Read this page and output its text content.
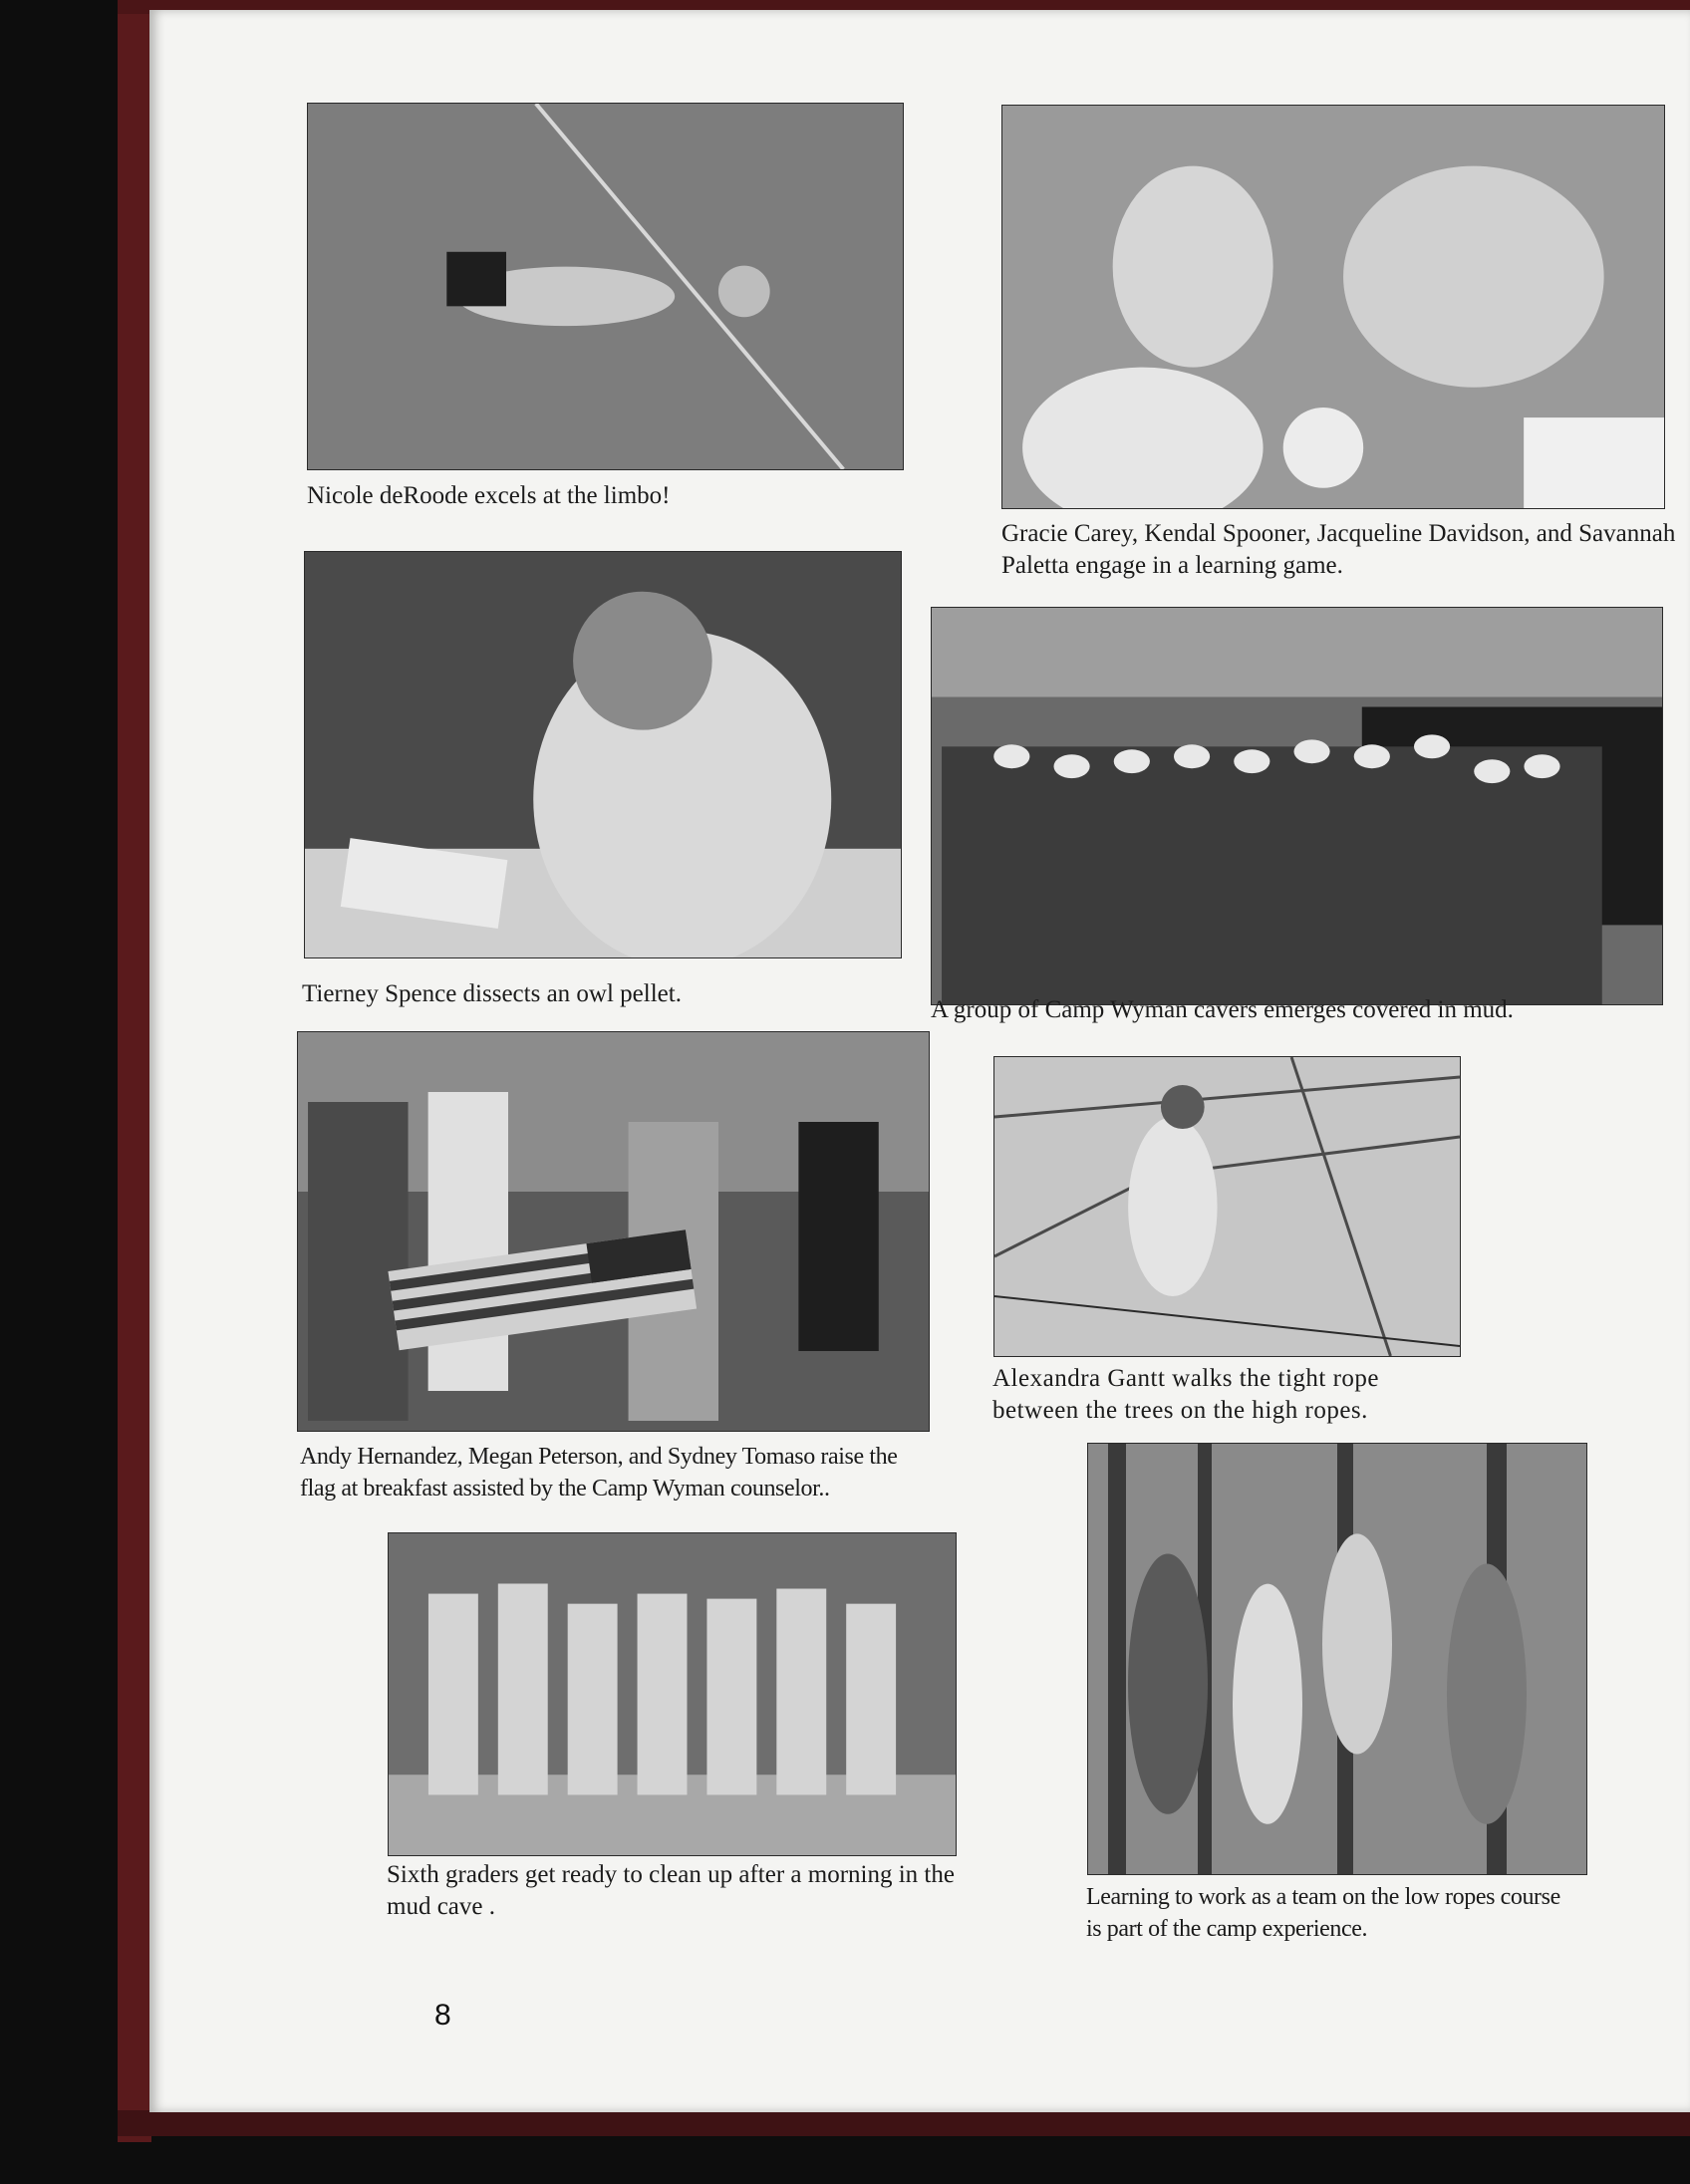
Nicole deRoode excels at the limbo!

Gracie Carey, Kendal Spooner, Jacqueline Davidson, and Savannah Paletta engage in a learning game.

Tierney Spence dissects an owl pellet.

A group of Camp Wyman cavers emerges covered in mud.

Andy Hernandez, Megan Peterson, and Sydney Tomaso raise the flag at breakfast assisted by the Camp Wyman counselor..

Alexandra Gantt walks the tight rope between the trees on the high ropes.

Sixth graders get ready to clean up after a morning in the mud cave .	Learning to work as a team on the low ropes course is part of the camp experience.

8
